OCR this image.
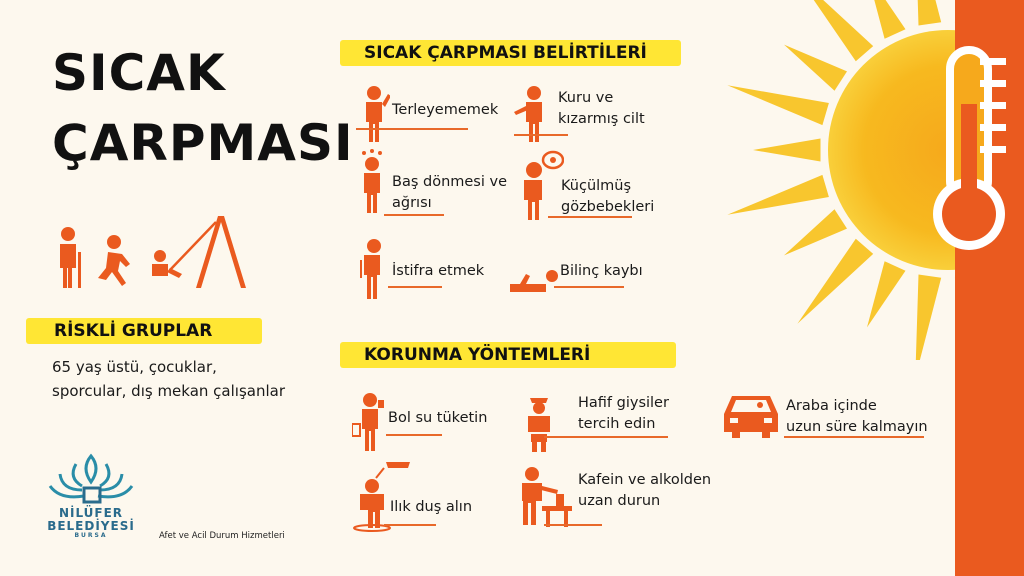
SICAK
ÇARPMASI
RİSKLİ GRUPLAR
65 yaş üstü, çocuklar,
sporcular, dış mekan çalışanlar
NİLÜFER
BELEDİYESİ
BURSA	Afet ve Acil Durum Hizmetleri
SICAK ÇARPMASI BELİRTİLERİ
Terleyememek
Kuru ve
kızarmış cilt
Baş dönmesi ve
ağrısı
Küçülmüş
gözbebekleri
İstifra etmek	Bilinç kaybı
KORUNMA YÖNTEMLERİ
Bol su tüketin
Hafif giysiler
tercih edin
Araba içinde
uzun süre kalmayın
Ilık duş alın
Kafein ve alkolden
uzan durun
